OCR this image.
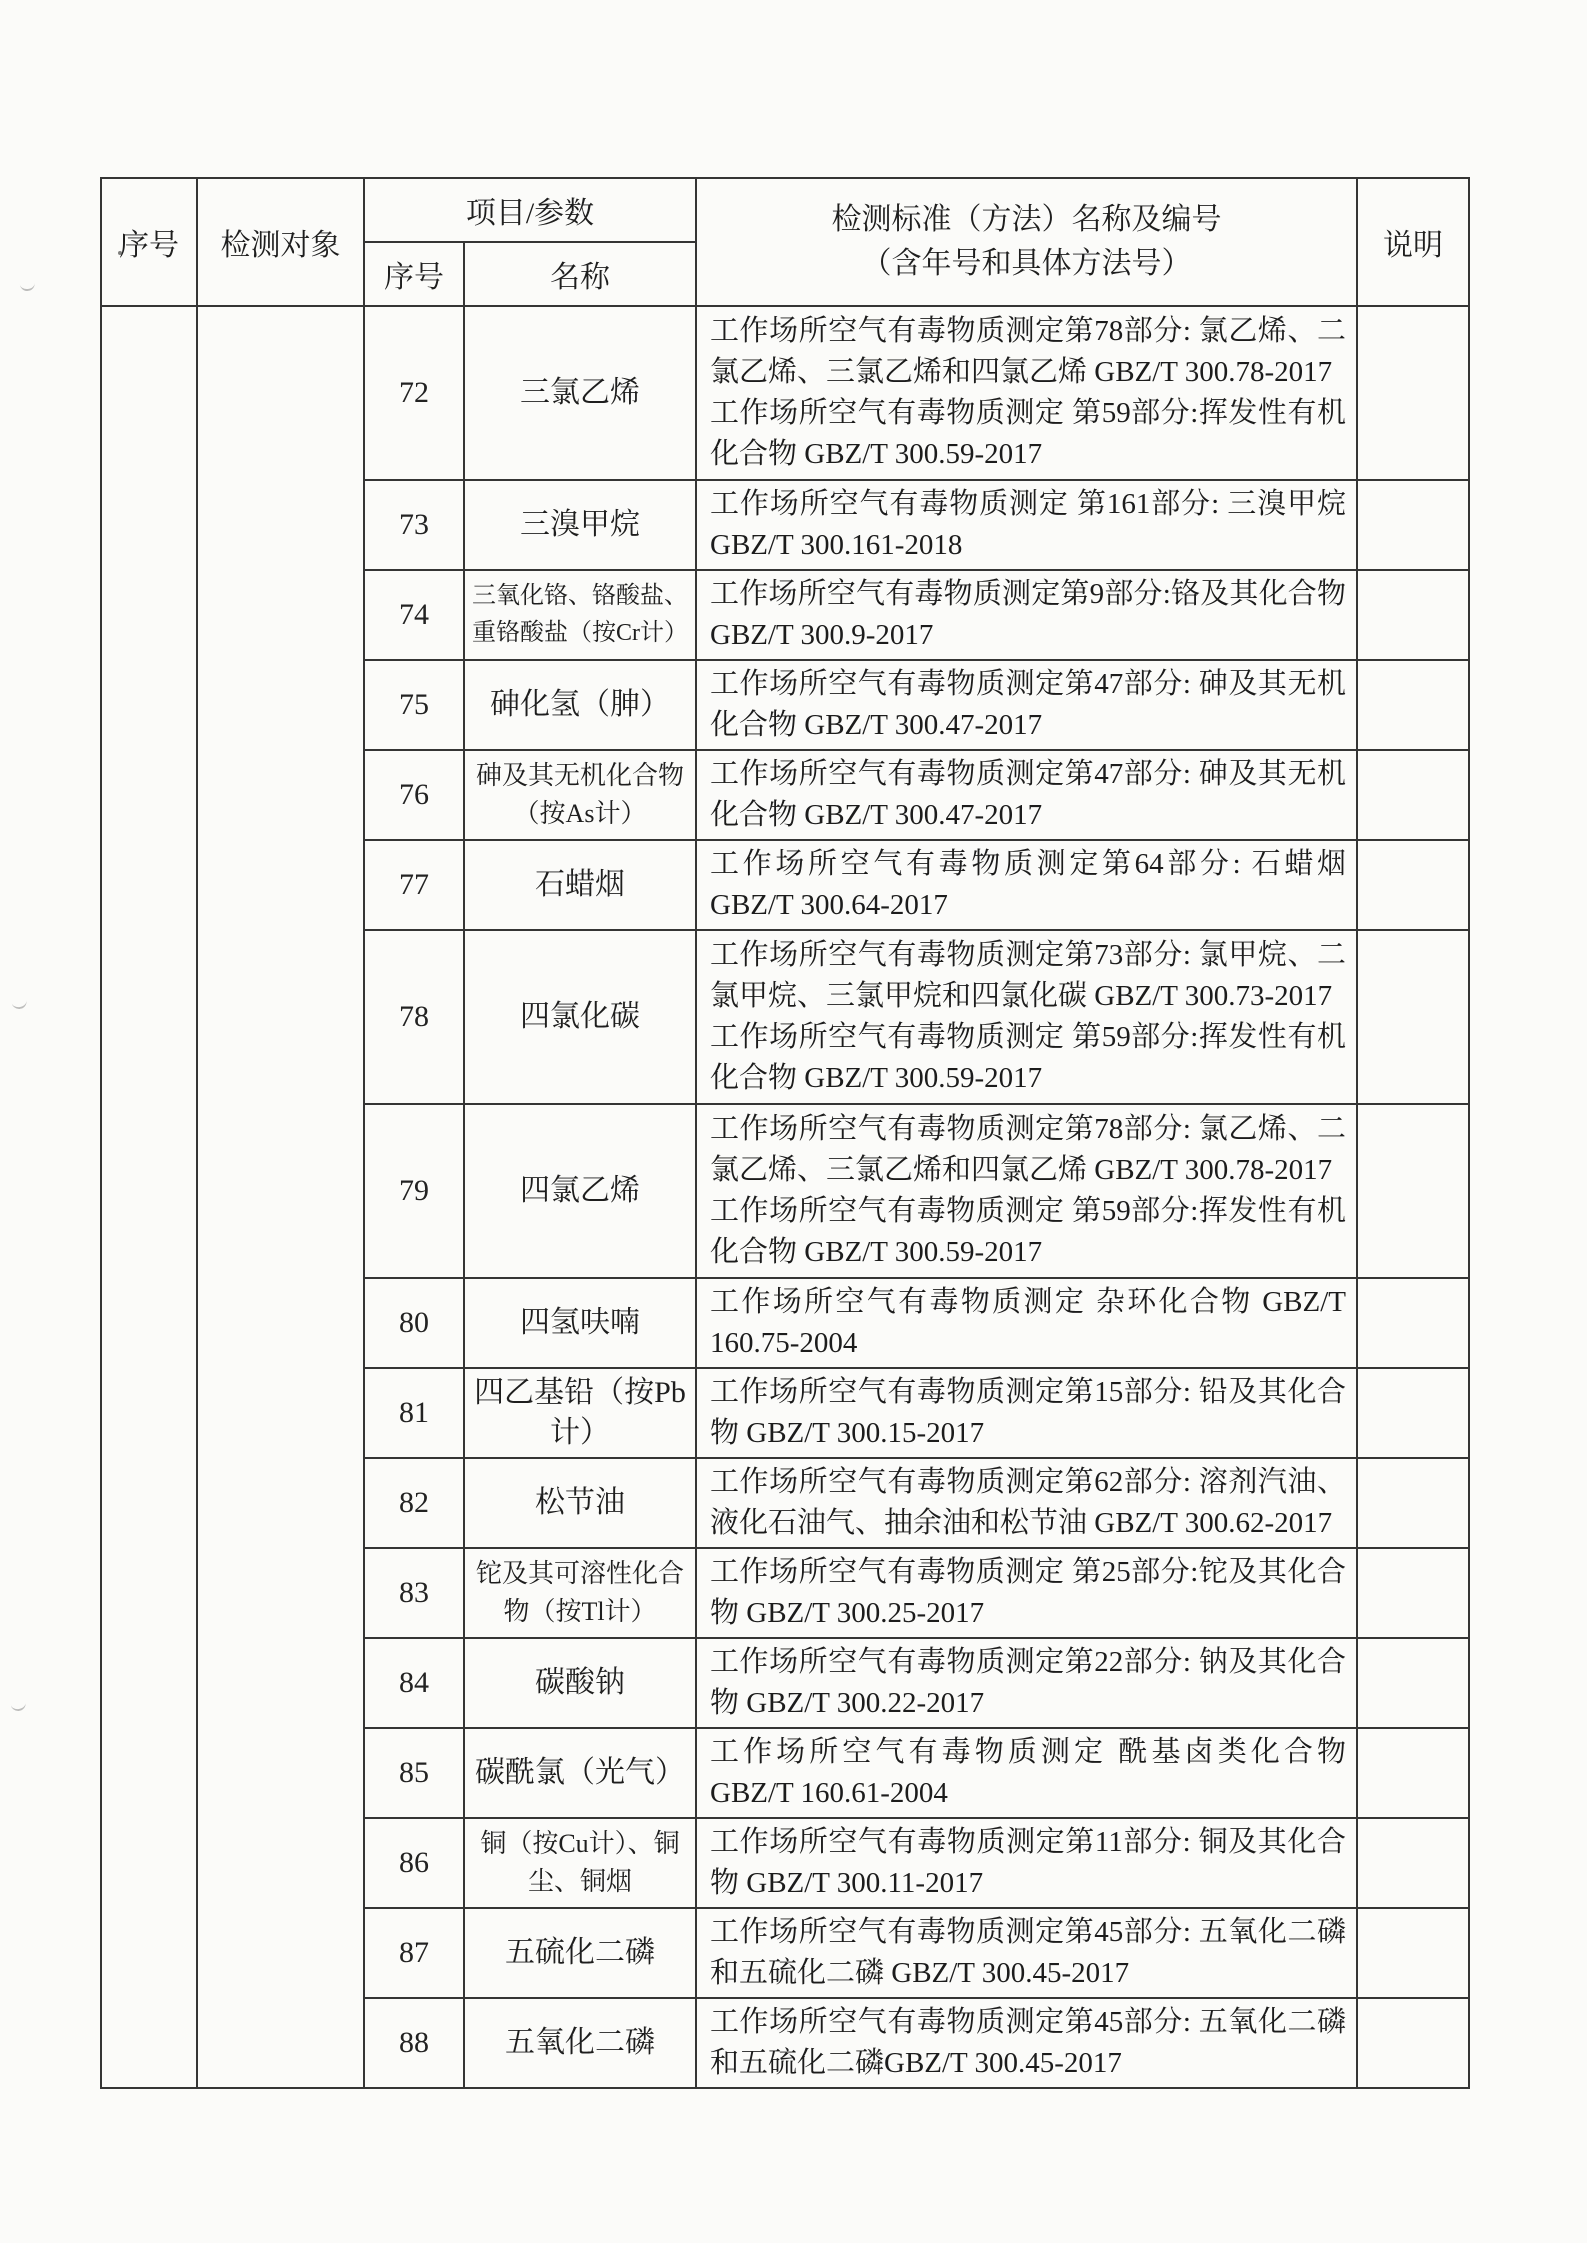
序号	检测对象	项目/参数		检测标准（方法）名称及编号
（含年号和具体方法号）	说明
		序号	名称		
		72	三氯乙烯	工作场所空气有毒物质测定第78部分: 氯乙烯、二氯乙烯、三氯乙烯和四氯乙烯 GBZ/T 300.78-2017
工作场所空气有毒物质测定 第59部分:挥发性有机化合物 GBZ/T 300.59-2017	

		73	三溴甲烷	工作场所空气有毒物质测定 第161部分: 三溴甲烷 GBZ/T 300.161-2018	

		74	三氧化铬、铬酸盐、重铬酸盐（按Cr计）	工作场所空气有毒物质测定第9部分:铬及其化合物 GBZ/T 300.9-2017	

		75	砷化氢（胂）	工作场所空气有毒物质测定第47部分: 砷及其无机化合物 GBZ/T 300.47-2017	

		76	砷及其无机化合物（按As计）	工作场所空气有毒物质测定第47部分: 砷及其无机化合物 GBZ/T 300.47-2017	

		77	石蜡烟	工作场所空气有毒物质测定第64部分: 石蜡烟 GBZ/T 300.64-2017	

		78	四氯化碳	工作场所空气有毒物质测定第73部分: 氯甲烷、二氯甲烷、三氯甲烷和四氯化碳 GBZ/T 300.73-2017
工作场所空气有毒物质测定 第59部分:挥发性有机化合物 GBZ/T 300.59-2017	

		79	四氯乙烯	工作场所空气有毒物质测定第78部分: 氯乙烯、二氯乙烯、三氯乙烯和四氯乙烯 GBZ/T 300.78-2017
工作场所空气有毒物质测定 第59部分:挥发性有机化合物 GBZ/T 300.59-2017	

		80	四氢呋喃	工作场所空气有毒物质测定 杂环化合物 GBZ/T 160.75-2004	

		81	四乙基铅（按Pb计）	工作场所空气有毒物质测定第15部分: 铅及其化合物 GBZ/T 300.15-2017	

		82	松节油	工作场所空气有毒物质测定第62部分: 溶剂汽油、液化石油气、抽余油和松节油 GBZ/T 300.62-2017	

		83	铊及其可溶性化合物（按Tl计）	工作场所空气有毒物质测定 第25部分:铊及其化合物 GBZ/T 300.25-2017	

		84	碳酸钠	工作场所空气有毒物质测定第22部分: 钠及其化合物 GBZ/T 300.22-2017	

		85	碳酰氯（光气）	工作场所空气有毒物质测定 酰基卤类化合物 GBZ/T 160.61-2004	

		86	铜（按Cu计）、铜尘、铜烟	工作场所空气有毒物质测定第11部分: 铜及其化合物 GBZ/T 300.11-2017	

		87	五硫化二磷	工作场所空气有毒物质测定第45部分: 五氧化二磷和五硫化二磷 GBZ/T 300.45-2017	

		88	五氧化二磷	工作场所空气有毒物质测定第45部分: 五氧化二磷和五硫化二磷GBZ/T 300.45-2017	
